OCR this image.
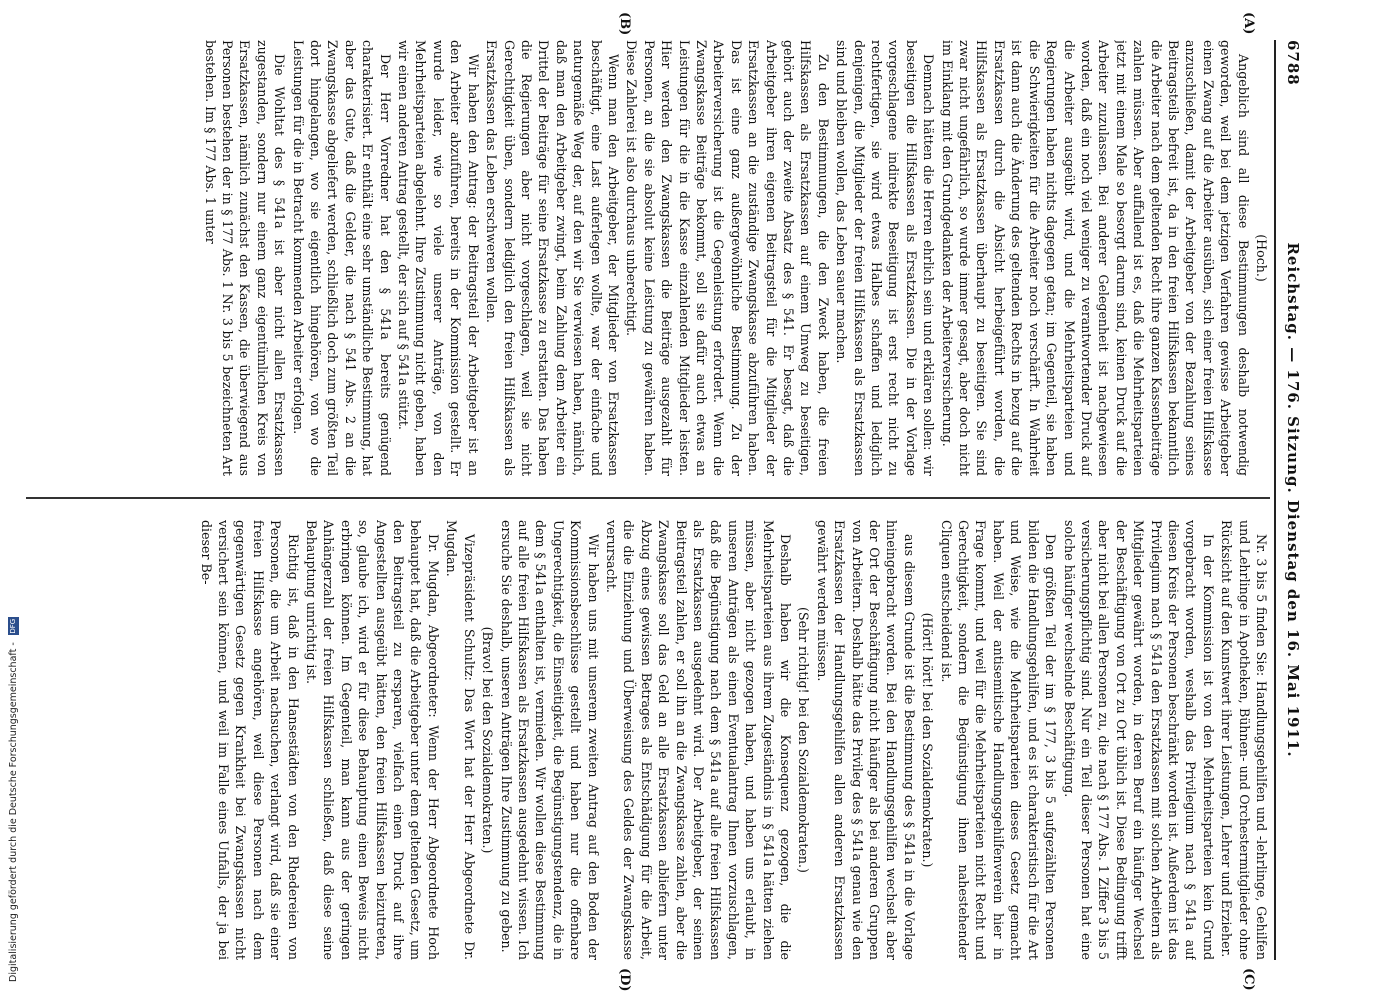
6788
Reichstag. — 176. Sitzung. Dienstag den 16. Mai 1911.
(A)
(B)
(C)
(D)

(Hoch.)

Angeblich sind all diese Bestimmungen deshalb notwendig geworden, weil bei dem jetzigen Verfahren gewisse Arbeitgeber einen Zwang auf die Arbeiter ausüben, sich einer freien Hilfskasse anzuschließen, damit der Arbeitgeber von der Bezahlung seines Beitragsteils befreit ist, da in den freien Hilfskassen bekanntlich die Arbeiter nach dem geltenden Recht ihre ganzen Kassenbeiträge zahlen müssen. Aber auffallend ist es, daß die Mehrheitsparteien jetzt mit einem Male so besorgt darum sind, keinen Druck auf die Arbeiter zuzulassen. Bei anderer Gelegenheit ist nachgewiesen worden, daß ein noch viel weniger zu verantwortender Druck auf die Arbeiter ausgeübt wird, und die Mehrheitsparteien und Regierungen haben nichts dagegen getan; im Gegenteil, sie haben die Schwierigkeiten für die Arbeiter noch verschärft. In Wahrheit ist dann auch die Änderung des geltenden Rechts in bezug auf die Ersatzkassen durch die Absicht herbeigeführt worden, die Hilfskassen als Ersatzkassen überhaupt zu beseitigen. Sie sind zwar nicht ungefährlich, so wurde immer gesagt, aber doch nicht im Einklang mit den Grundgedanken der Arbeiterversicherung.

Demnach hätten die Herren ehrlich sein und erklären sollen: wir beseitigen die Hilfskassen als Ersatzkassen. Die in der Vorlage vorgeschlagene indirekte Beseitigung ist erst recht nicht zu rechtfertigen, sie wird etwas Halbes schaffen und lediglich denjenigen, die Mitglieder der freien Hilfskassen als Ersatzkassen sind und bleiben wollen, das Leben sauer machen.

Zu den Bestimmungen, die den Zweck haben, die freien Hilfskassen als Ersatzkassen auf einem Umweg zu beseitigen, gehört auch der zweite Absatz des § 541. Er besagt, daß die Arbeitgeber ihren eigenen Beitragsteil für die Mitglieder der Ersatzkassen an die zuständige Zwangskasse abzuführen haben. Das ist eine ganz außergewöhnliche Bestimmung. Zu der Arbeiterversicherung ist die Gegenleistung erfordert. Wenn die Zwangskasse Beiträge bekommt, soll sie dafür auch etwas an Leistungen für die in die Kasse einzahlenden Mitglieder leisten. Hier werden den Zwangskassen die Beiträge ausgezahlt für Personen, an die sie absolut keine Leistung zu gewähren haben. Diese Zahlerei ist also durchaus unberechtigt.

Wenn man den Arbeitgeber, der Mitglieder von Ersatzkassen beschäftigt, eine Last auferlegen wollte, war der einfache und naturgemäße Weg der, auf den wir Sie verwiesen haben, nämlich, daß man den Arbeitgeber zwingt, beim Zahlung dem Arbeiter ein Drittel der Beiträge für seine Ersatzkasse zu erstatten. Das haben die Regierungen aber nicht vorgeschlagen, weil sie nicht Gerechtigkeit üben, sondern lediglich den freien Hilfskassen als Ersatzkassen das Leben erschweren wollen.

Wir haben den Antrag: der Beitragsteil der Arbeitgeber ist an den Arbeiter abzuführen, bereits in der Kommission gestellt. Er wurde leider, wie so viele unserer Anträge, von den Mehrheitsparteien abgelehnt. Ihre Zustimmung nicht geben, haben wir einen anderen Antrag gestellt, der sich auf § 541a stützt.

Der Herr Vorredner hat den § 541a bereits genügend charakterisiert. Er enthält eine sehr umständliche Bestimmung, hat aber das Gute, daß die Gelder, die nach § 541 Abs. 2 an die Zwangskasse abgeliefert werden, schließlich doch zum größten Teil dort hingelangen, wo sie eigentlich hingehören, von wo die Leistungen für die in Betracht kommenden Arbeiter erfolgen.

Die Wohltat des § 541a ist aber nicht allen Ersatzkassen zugestanden, sondern nur einem ganz eigentümlichen Kreis von Ersatzkassen, nämlich zunächst den Kassen, die überwiegend aus Personen bestehen der in § 177 Abs. 1 Nr. 3 bis 5 bezeichneten Art bestehen. Im § 177 Abs. 1 unter

Nr. 3 bis 5 finden Sie: Handlungsgehilfen und -lehrlinge, Gehilfen und Lehrlinge in Apotheken, Bühnen- und Orchestermitglieder ohne Rücksicht auf den Kunstwert ihrer Leistungen, Lehrer und Erzieher.

In der Kommission ist von den Mehrheitsparteien kein Grund vorgebracht worden, weshalb das Privilegium nach § 541a auf diesen Kreis der Personen beschränkt worden ist. Außerdem ist das Privilegium nach § 541a den Ersatzkassen mit solchen Arbeitern als Mitglieder gewährt worden, in deren Beruf ein häufiger Wechsel der Beschäftigung von Ort zu Ort üblich ist. Diese Bedingung trifft aber nicht bei allen Personen zu, die nach § 177 Abs. 1 Ziffer 3 bis 5 versicherungspflichtig sind. Nur ein Teil dieser Personen hat eine solche häufiger wechselnde Beschäftigung.

Den größten Teil der im § 177, 3 bis 5 aufgezählten Personen bilden die Handlungsgehilfen, und es ist charakteristisch für die Art und Weise, wie die Mehrheitsparteien dieses Gesetz gemacht haben. Weil der antisemitische Handlungsgehilfenverein hier in Frage kommt, und weil für die Mehrheitsparteien nicht Recht und Gerechtigkeit, sondern die Begünstigung ihnen nahestehender Cliquen entscheidend ist.

(Hört! hört! bei den Sozialdemokraten.)

aus diesem Grunde ist die Bestimmung des § 541a in die Vorlage hineingebracht worden. Bei den Handlungsgehilfen wechselt aber der Ort der Beschäftigung nicht häufiger als bei anderen Gruppen von Arbeitern. Deshalb hätte das Privileg des § 541a genau wie den Ersatzkassen der Handlungsgehilfen allen anderen Ersatzkassen gewährt werden müssen.

(Sehr richtig! bei den Sozialdemokraten.)

Deshalb haben wir die Konsequenz gezogen, die die Mehrheitsparteien aus ihrem Zugeständnis in § 541a hätten ziehen müssen, aber nicht gezogen haben, und haben uns erlaubt, in unseren Anträgen als einen Eventualantrag Ihnen vorzuschlagen, daß die Begünstigung nach dem § 541a auf alle freien Hilfskassen als Ersatzkassen ausgedehnt wird. Der Arbeitgeber, der seinen Beitragsteil zahlen, er soll ihn an die Zwangskasse zahlen, aber die Zwangskasse soll das Geld an alle Ersatzkassen abliefern unter Abzug eines gewissen Betrages als Entschädigung für die Arbeit, die die Einziehung und Überweisung des Geldes der Zwangskasse verursacht.

Wir haben uns mit unserem zweiten Antrag auf den Boden der Kommissionsbeschlüsse gestellt und haben nur die offenbare Ungerechtigkeit, die Einseitigkeit, die Begünstigungstendenz, die in dem § 541a enthalten ist, vermieden. Wir wollen diese Bestimmung auf alle freien Hilfskassen als Ersatzkassen ausgedehnt wissen. Ich ersuche Sie deshalb, unseren Anträgen Ihre Zustimmung zu geben.

(Bravo! bei den Sozialdemokraten.)

Vizepräsident Schultz: Das Wort hat der Herr Abgeordnete Dr. Mugdan.

Dr. Mugdan, Abgeordneter: Wenn der Herr Abgeordnete Hoch behauptet hat, daß die Arbeitgeber unter dem geltenden Gesetz, um den Beitragsteil zu ersparen, vielfach einen Druck auf ihre Angestellten ausgeübt hätten, den freien Hilfskassen beizutreten, so, glaube ich, wird er für diese Behauptung einen Beweis nicht erbringen können. Im Gegenteil, man kann aus der geringen Anhängerzahl der freien Hilfskassen schließen, daß diese seine Behauptung unrichtig ist.

Richtig ist, daß in den Hansestädten von den Rhedereien von Personen, die um Arbeit nachsuchen, verlangt wird, daß sie einer freien Hilfskasse angehören, weil diese Personen nach dem gegenwärtigen Gesetz gegen Krankheit bei Zwangskassen nicht versichert sein können, und weil im Falle eines Unfalls, der ja bei dieser Be-

Digitalisierung gefördert durch die Deutsche Forschungsgemeinschaft - DFG
